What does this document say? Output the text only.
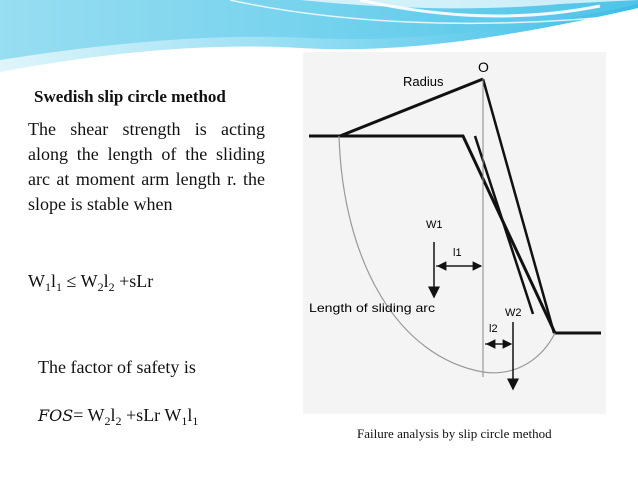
Swedish slip circle method
The shear strength is acting along the length of the sliding arc at moment arm length r. the slope is stable when
$W_1l_1 \le W_2l_2 +sLr$
The factor of safety is
$FOS= W_2l_2 +sLr$ $W_1l_1$
O
Radius
W1
l1
W2
l2
Length of sliding arc
Failure analysis by slip circle method
